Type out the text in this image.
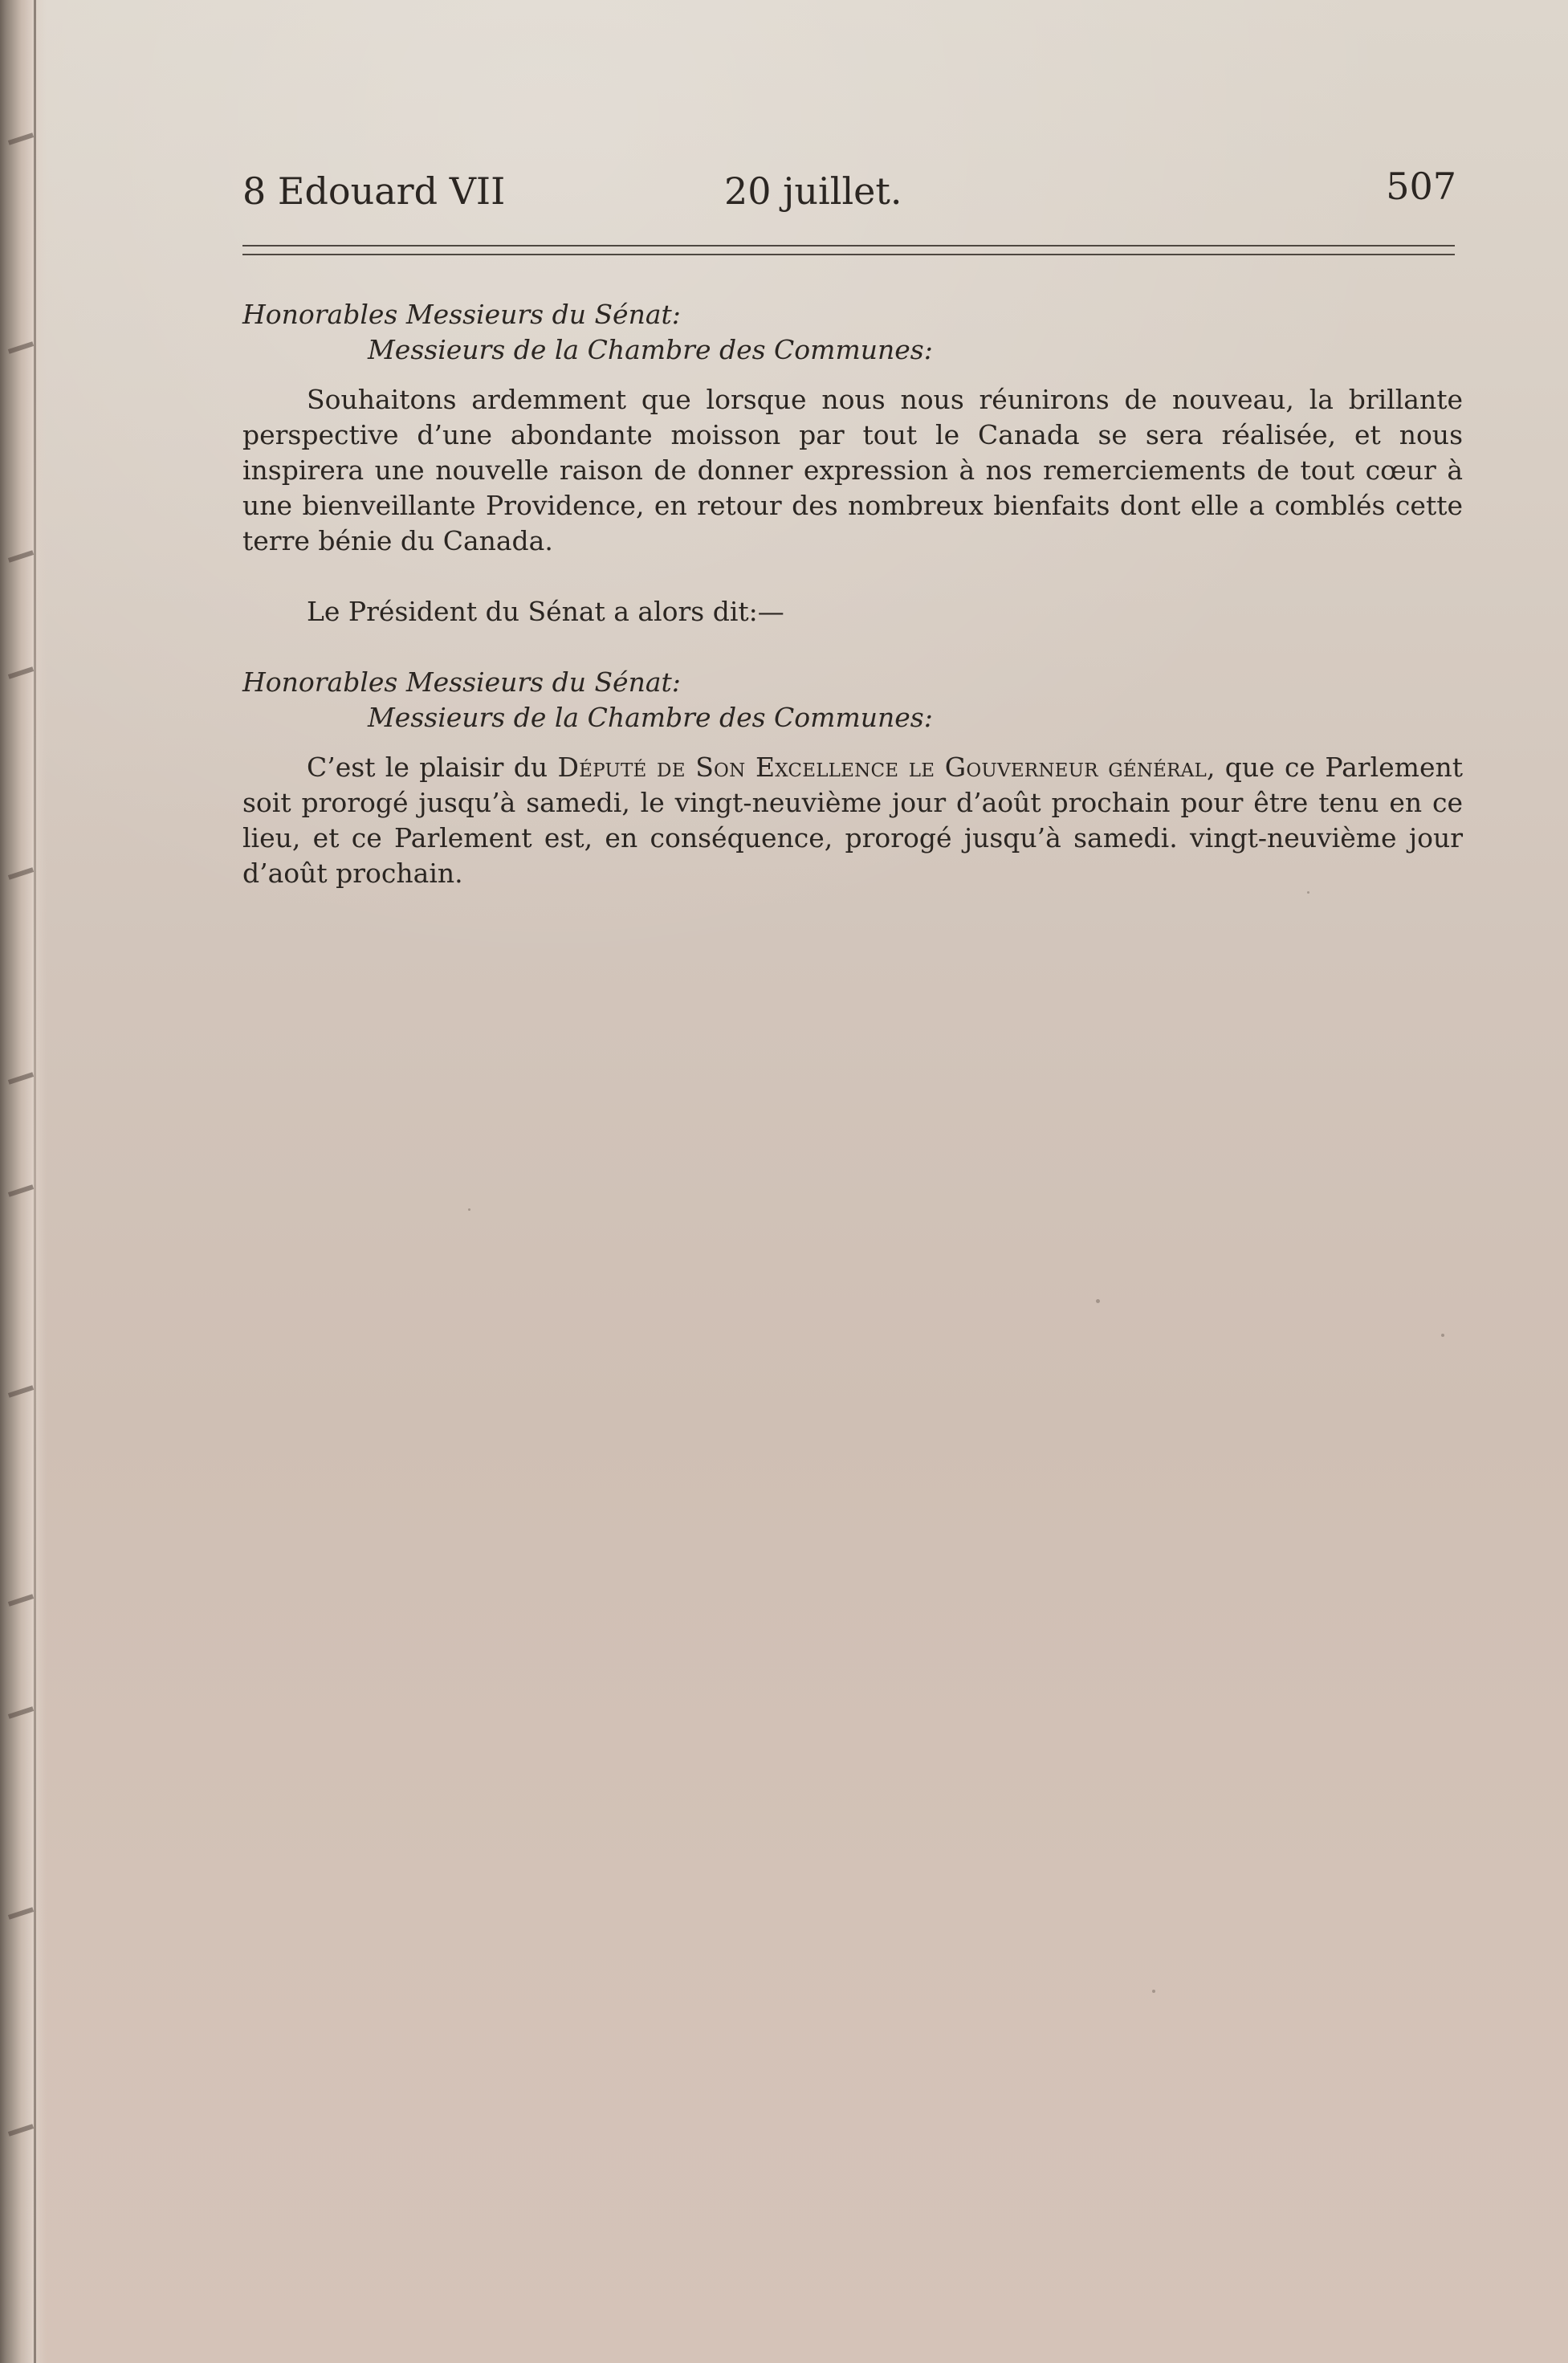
8 Edouard VII	20 juillet.	507

Honorables Messieurs du Sénat:

Messieurs de la Chambre des Communes:

Souhaitons ardemment que lorsque nous nous réunirons de nouveau, la brillante perspective d’une abondante moisson par tout le Canada se sera réalisée, et nous inspirera une nouvelle raison de donner expression à nos remerciements de tout cœur à une bienveillante Providence, en retour des nombreux bienfaits dont elle a comblés cette terre bénie du Canada.

Le Président du Sénat a alors dit:—

Honorables Messieurs du Sénat:

Messieurs de la Chambre des Communes:

C’est le plaisir du Député de Son Excellence le Gouverneur général, que ce Parlement soit prorogé jusqu’à samedi, le vingt-neuvième jour d’août prochain pour être tenu en ce lieu, et ce Parlement est, en conséquence, prorogé jusqu’à samedi. vingt-neuvième jour d’août prochain.
